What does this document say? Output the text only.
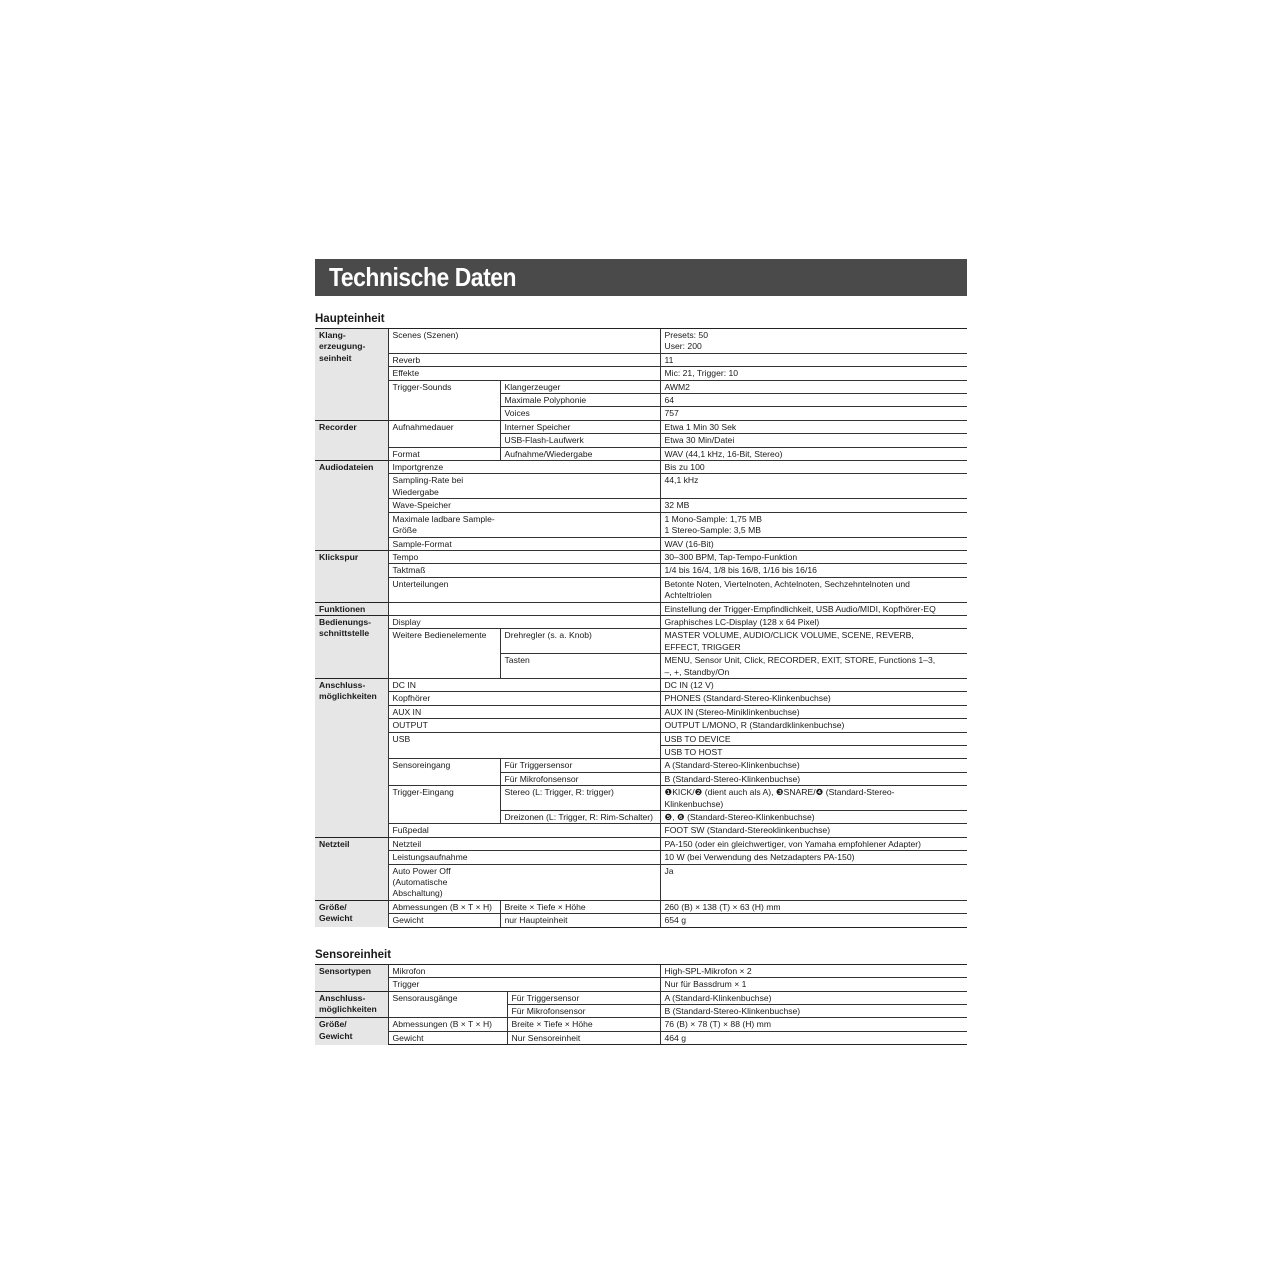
Technische Daten
Haupteinheit
Klang-
erzeugung-
seinheit	Scenes (Szenen)		Presets: 50
User: 200
	Reverb		11
	Effekte		Mic: 21, Trigger: 10
	Trigger-Sounds	Klangerzeuger	AWM2
		Maximale Polyphonie	64
		Voices	757
Recorder	Aufnahmedauer	Interner Speicher	Etwa 1 Min 30 Sek
		USB-Flash-Laufwerk	Etwa 30 Min/Datei
	Format	Aufnahme/Wiedergabe	WAV (44,1 kHz, 16-Bit, Stereo)
Audiodateien	Importgrenze		Bis zu 100
	Sampling-Rate bei Wiedergabe		44,1 kHz
	Wave-Speicher		32 MB
	Maximale ladbare Sample-Größe		1 Mono-Sample: 1,75 MB
1 Stereo-Sample: 3,5 MB
	Sample-Format		WAV (16-Bit)
Klickspur	Tempo		30–300 BPM, Tap-Tempo-Funktion
	Taktmaß		1/4 bis 16/4, 1/8 bis 16/8, 1/16 bis 16/16
	Unterteilungen		Betonte Noten, Viertelnoten, Achtelnoten, Sechzehntelnoten und
Achteltriolen
Funktionen			Einstellung der Trigger-Empfindlichkeit, USB Audio/MIDI, Kopfhörer-EQ
Bedienungs-
schnittstelle	Display		Graphisches LC-Display (128 x 64 Pixel)
	Weitere Bedienelemente	Drehregler (s. a. Knob)	MASTER VOLUME, AUDIO/CLICK VOLUME, SCENE, REVERB,
EFFECT, TRIGGER
		Tasten	MENU, Sensor Unit, Click, RECORDER, EXIT, STORE, Functions 1–3,
–, +, Standby/On
Anschluss-
möglichkeiten	DC IN		DC IN (12 V)
	Kopfhörer		PHONES (Standard-Stereo-Klinkenbuchse)
	AUX IN		AUX IN (Stereo-Miniklinkenbuchse)
	OUTPUT		OUTPUT L/MONO, R (Standardklinkenbuchse)
	USB		USB TO DEVICE
			USB TO HOST
	Sensoreingang	Für Triggersensor	A (Standard-Stereo-Klinkenbuchse)
		Für Mikrofonsensor	B (Standard-Stereo-Klinkenbuchse)
	Trigger-Eingang	Stereo (L: Trigger, R: trigger)	❶KICK/❷ (dient auch als A), ❸SNARE/❹ (Standard-Stereo-
Klinkenbuchse)
		Dreizonen (L: Trigger, R: Rim-Schalter)	❺, ❻ (Standard-Stereo-Klinkenbuchse)
	Fußpedal		FOOT SW (Standard-Stereoklinkenbuchse)
Netzteil	Netzteil		PA-150 (oder ein gleichwertiger, von Yamaha empfohlener Adapter)
	Leistungsaufnahme		10 W (bei Verwendung des Netzadapters PA-150)
	Auto Power Off (Automatische Abschaltung)		Ja
Größe/
Gewicht	Abmessungen (B × T × H)	Breite × Tiefe × Höhe	260 (B) × 138 (T) × 63 (H) mm
	Gewicht	nur Haupteinheit	654 g
Sensoreinheit
Sensortypen	Mikrofon		High-SPL-Mikrofon × 2
	Trigger		Nur für Bassdrum × 1
Anschluss-
möglichkeiten	Sensorausgänge	Für Triggersensor	A (Standard-Klinkenbuchse)
		Für Mikrofonsensor	B (Standard-Stereo-Klinkenbuchse)
Größe/
Gewicht	Abmessungen (B × T × H)	Breite × Tiefe × Höhe	76 (B) × 78 (T) × 88 (H) mm
	Gewicht	Nur Sensoreinheit	464 g
